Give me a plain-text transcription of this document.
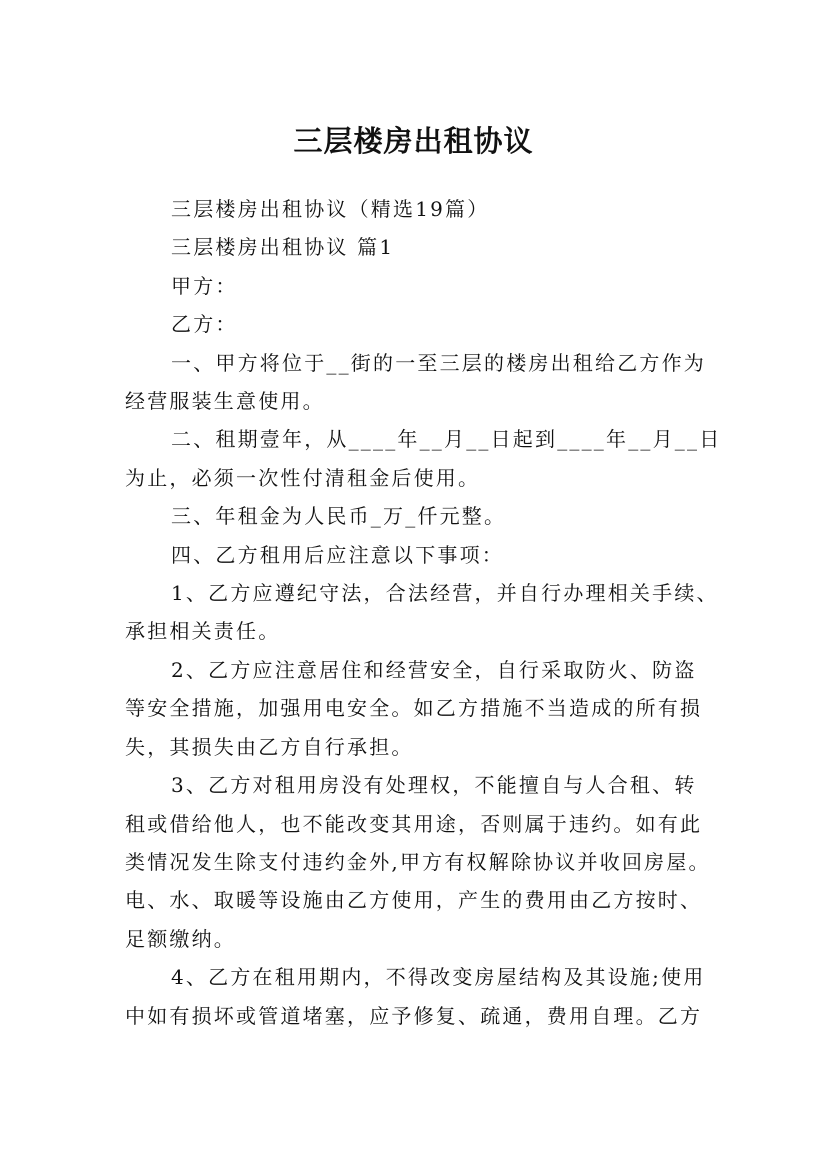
三层楼房出租协议

三层楼房出租协议（精选19篇）

三层楼房出租协议 篇1

甲方：

乙方：

一、甲方将位于__街的一至三层的楼房出租给乙方作为

经营服装生意使用。

二、租期壹年，从____年__月__日起到____年__月__日

为止，必须一次性付清租金后使用。

三、年租金为人民币_万_仟元整。

四、乙方租用后应注意以下事项：

1、乙方应遵纪守法，合法经营，并自行办理相关手续、

承担相关责任。

2、乙方应注意居住和经营安全，自行采取防火、防盗

等安全措施，加强用电安全。如乙方措施不当造成的所有损

失，其损失由乙方自行承担。

3、乙方对租用房没有处理权，不能擅自与人合租、转

租或借给他人，也不能改变其用途，否则属于违约。如有此

类情况发生除支付违约金外,甲方有权解除协议并收回房屋。

电、水、取暖等设施由乙方使用，产生的费用由乙方按时、

足额缴纳。

4、乙方在租用期内，不得改变房屋结构及其设施;使用

中如有损坏或管道堵塞，应予修复、疏通，费用自理。乙方
